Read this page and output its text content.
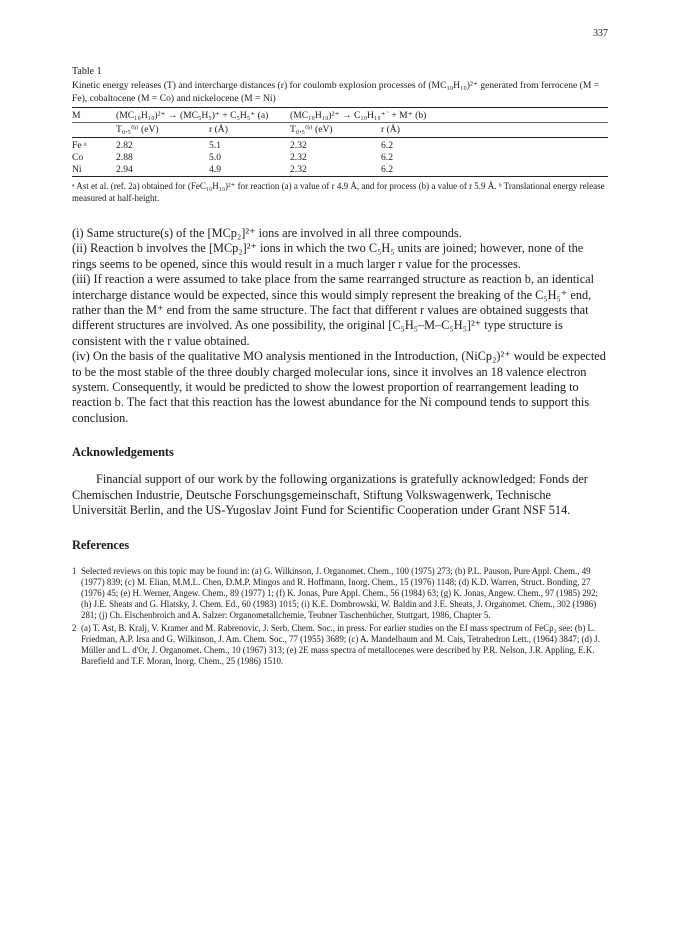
337
Table 1
Kinetic energy releases (T) and intercharge distances (r) for coulomb explosion processes of (MC₁₀H₁₀)²⁺ generated from ferrocene (M = Fe), cobaltocene (M = Co) and nickelocene (M = Ni)
M	(MC₁₀H₁₀)²⁺ → (MC₅H₅)⁺ + C₅H₅⁺ (a)		(MC₁₀H₁₀)²⁺ → C₁₀H₁₀⁺˙ + M⁺ (b)	
	T₀.₅⁽ᵇ⁾ (eV)	r (Å)	T₀.₅⁽ᵇ⁾ (eV)	r (Å)
Fe ᵃ	2.82	5.1	2.32	6.2
Co	2.88	5.0	2.32	6.2
Ni	2.94	4.9	2.32	6.2
ᵃ Ast et al. (ref. 2a) obtained for (FeC₁₀H₁₀)²⁺ for reaction (a) a value of r 4.9 Å, and for process (b) a value of r 5.9 Å. ᵇ Translational energy release measured at half-height.

(i) Same structure(s) of the [MCp₂]²⁺ ions are involved in all three compounds.

(ii) Reaction b involves the [MCp₂]²⁺ ions in which the two C₅H₅ units are joined; however, none of the rings seems to be opened, since this would result in a much larger r value for the processes.

(iii) If reaction a were assumed to take place from the same rearranged structure as reaction b, an identical intercharge distance would be expected, since this would simply represent the breaking of the C₅H₅⁺ end, rather than the M⁺ end from the same structure. The fact that different r values are obtained suggests that different structures are involved. As one possibility, the original [C₅H₅–M–C₅H₅]²⁺ type structure is consistent with the r value obtained.

(iv) On the basis of the qualitative MO analysis mentioned in the Introduction, (NiCp₂)²⁺ would be expected to be the most stable of the three doubly charged molecular ions, since it involves an 18 valence electron system. Consequently, it would be predicted to show the lowest proportion of rearrangement leading to reaction b. The fact that this reaction has the lowest abundance for the Ni compound tends to support this conclusion.

Acknowledgements

Financial support of our work by the following organizations is gratefully acknowledged: Fonds der Chemischen Industrie, Deutsche Forschungsgemeinschaft, Stiftung Volkswagenwerk, Technische Universität Berlin, and the US-Yugoslav Joint Fund for Scientific Cooperation under Grant NSF 514.

References
1 Selected reviews on this topic may be found in: (a) G. Wilkinson, J. Organomet. Chem., 100 (1975) 273; (b) P.L. Pauson, Pure Appl. Chem., 49 (1977) 839; (c) M. Elian, M.M.L. Chen, D.M.P. Mingos and R. Hoffmann, Inorg. Chem., 15 (1976) 1148; (d) K.D. Warren, Struct. Bonding, 27 (1976) 45; (e) H. Werner, Angew. Chem., 89 (1977) 1; (f) K. Jonas, Pure Appl. Chem., 56 (1984) 63; (g) K. Jonas, Angew. Chem., 97 (1985) 292; (h) J.E. Sheats and G. Hlatsky, J. Chem. Ed., 60 (1983) 1015; (i) K.E. Dombrowski, W. Baldin and J.E. Sheats, J. Organomet. Chem., 302 (1986) 281; (j) Ch. Elschenbroich and A. Salzer: Organometallchemie, Teubner Taschenbücher, Stuttgart, 1986, Chapter 5.
2 (a) T. Ast, B. Kralj, V. Kramer and M. Rabrenovic, J. Serb. Chem. Soc., in press. For earlier studies on the EI mass spectrum of FeCp₂ see: (b) L. Friedman, A.P. Irsa and G. Wilkinson, J. Am. Chem. Soc., 77 (1955) 3689; (c) A. Mandelbaum and M. Cais, Tetrahedron Lett., (1964) 3847; (d) J. Müller and L. d'Or, J. Organomet. Chem., 10 (1967) 313; (e) 2E mass spectra of metallocenes were described by P.R. Nelson, J.R. Appling, E.K. Barefield and T.F. Moran, Inorg. Chem., 25 (1986) 1510.
